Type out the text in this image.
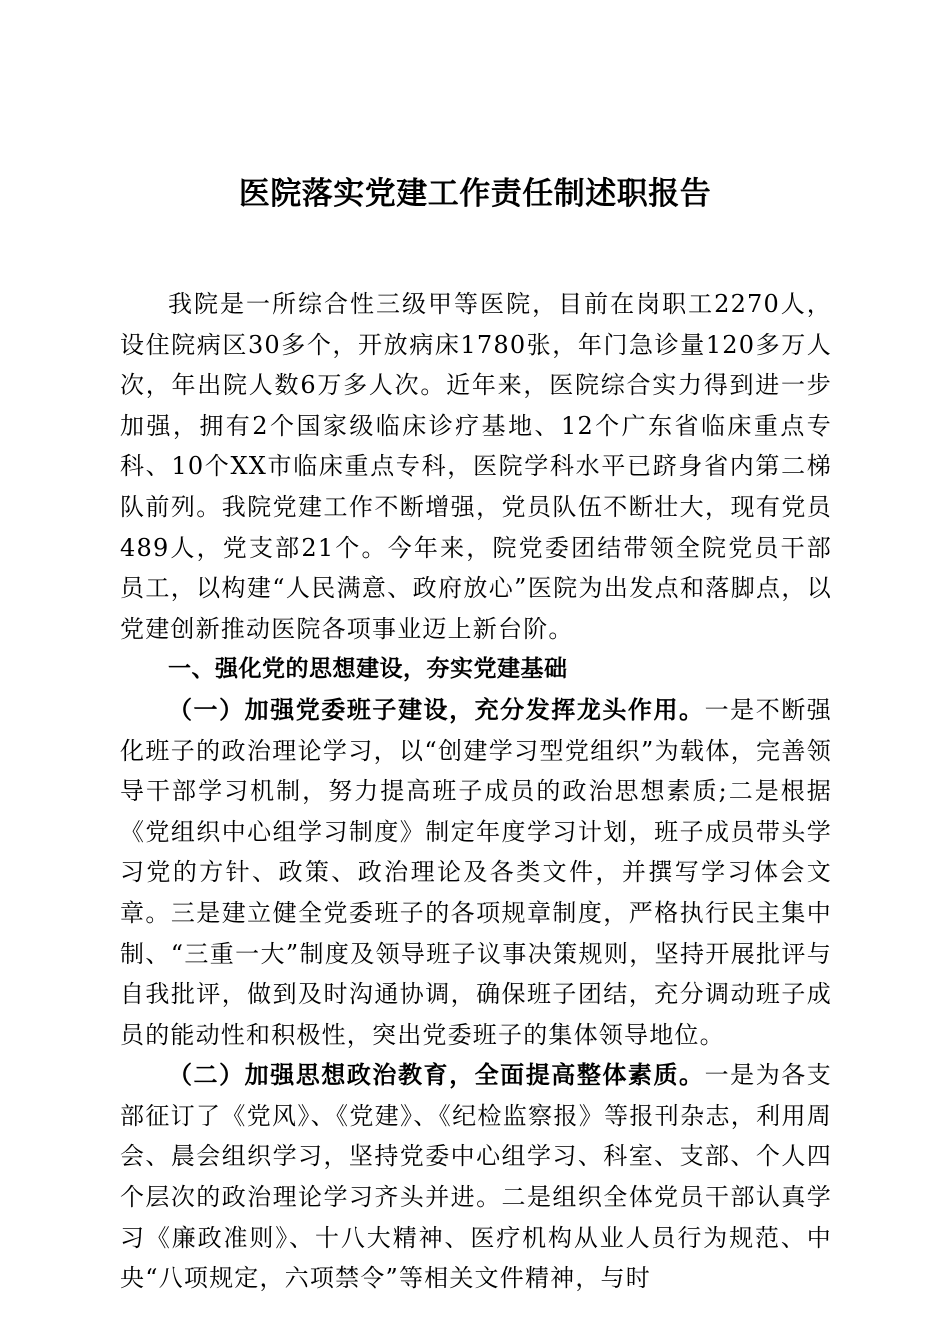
医院落实党建工作责任制述职报告

我院是一所综合性三级甲等医院，目前在岗职工2270人，设住院病区30多个，开放病床1780张，年门急诊量120多万人次，年出院人数6万多人次。近年来，医院综合实力得到进一步加强，拥有2个国家级临床诊疗基地、12个广东省临床重点专科、10个XX市临床重点专科，医院学科水平已跻身省内第二梯队前列。我院党建工作不断增强，党员队伍不断壮大，现有党员489人，党支部21个。今年来，院党委团结带领全院党员干部员工，以构建“人民满意、政府放心”医院为出发点和落脚点，以党建创新推动医院各项事业迈上新台阶。

一、强化党的思想建设，夯实党建基础

（一）加强党委班子建设，充分发挥龙头作用。一是不断强化班子的政治理论学习，以“创建学习型党组织”为载体，完善领导干部学习机制，努力提高班子成员的政治思想素质;二是根据《党组织中心组学习制度》制定年度学习计划，班子成员带头学习党的方针、政策、政治理论及各类文件，并撰写学习体会文章。三是建立健全党委班子的各项规章制度，严格执行民主集中制、“三重一大”制度及领导班子议事决策规则，坚持开展批评与自我批评，做到及时沟通协调，确保班子团结，充分调动班子成员的能动性和积极性，突出党委班子的集体领导地位。

（二）加强思想政治教育，全面提高整体素质。一是为各支部征订了《党风》、《党建》、《纪检监察报》等报刊杂志，利用周会、晨会组织学习，坚持党委中心组学习、科室、支部、个人四个层次的政治理论学习齐头并进。二是组织全体党员干部认真学习《廉政准则》、十八大精神、医疗机构从业人员行为规范、中央“八项规定，六项禁令”等相关文件精神，与时
